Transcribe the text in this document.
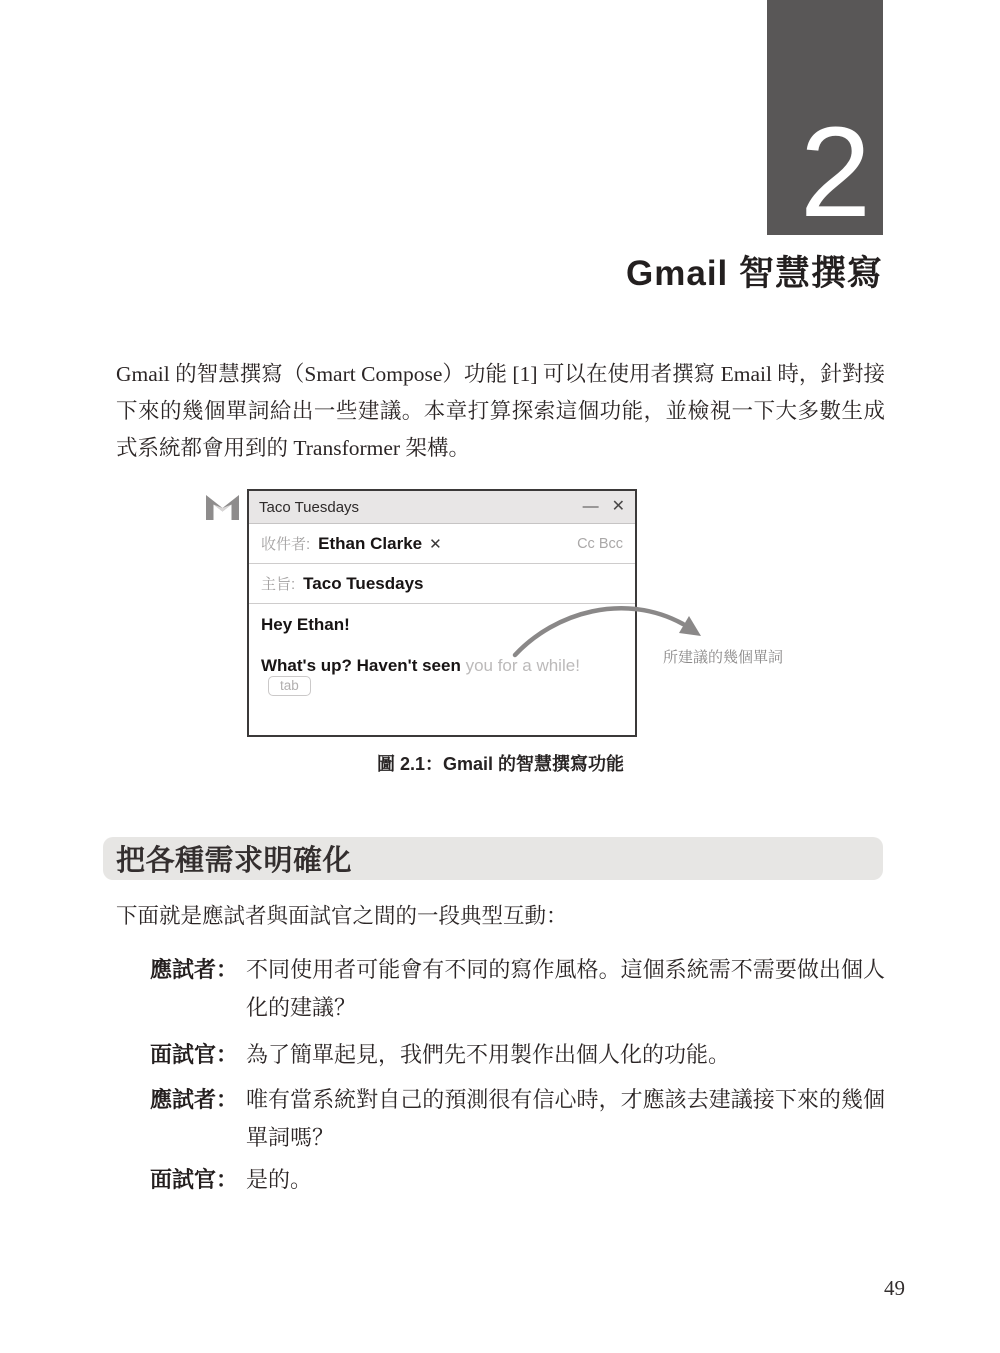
2
Gmail 智慧撰寫

Gmail 的智慧撰寫（Smart Compose）功能 [1] 可以在使用者撰寫 Email 時，針對接下來的幾個單詞給出一些建議。本章打算探索這個功能，並檢視一下大多數生成式系統都會用到的 Transformer 架構。

Taco Tuesdays	— ✕
收件者: Ethan Clarke ✕	Cc Bcc
主旨: Taco Tuesdays
Hey Ethan!
What's up? Haven't seen you for a while! tab
所建議的幾個單詞
圖 2.1：Gmail 的智慧撰寫功能
把各種需求明確化
下面就是應試者與面試官之間的一段典型互動：
應試者： 不同使用者可能會有不同的寫作風格。這個系統需不需要做出個人化的建議？
面試官： 為了簡單起見，我們先不用製作出個人化的功能。
應試者： 唯有當系統對自己的預測很有信心時，才應該去建議接下來的幾個單詞嗎？
面試官： 是的。
49
